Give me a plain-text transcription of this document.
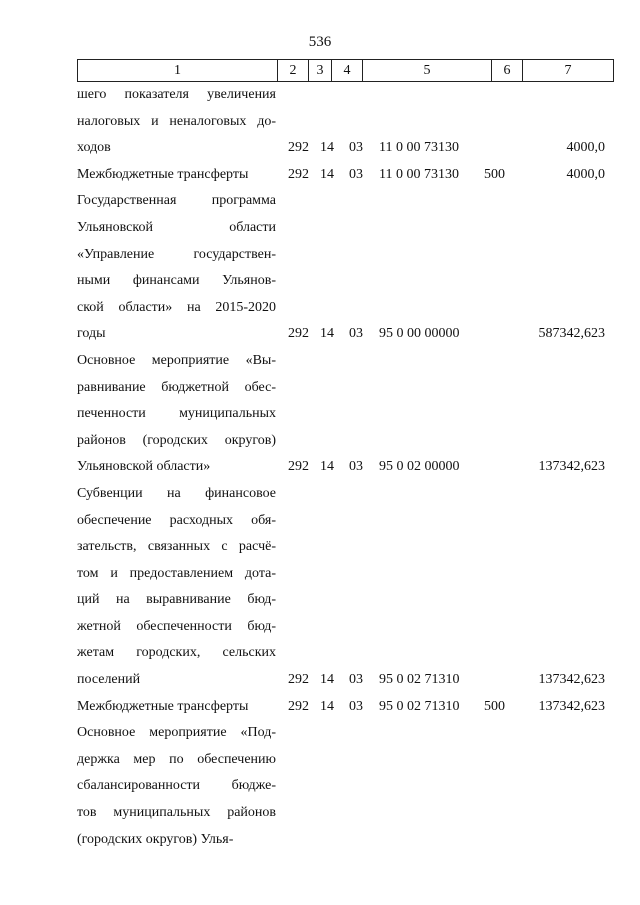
536
1	2	3	4	5	6	7
шего показателя увеличения
налоговых и неналоговых до-
ходов	292 14	03	11 0 00 73130	4000,0
Межбюджетные трансферты	292 14	03	11 0 00 73130	500	4000,0
Государственная программа
Ульяновской области
«Управление государствен-
ными финансами Ульянов-
ской области» на 2015-2020
годы	292 14	03	95 0 00 00000	587342,623
Основное мероприятие «Вы-
равнивание бюджетной обес-
печенности муниципальных
районов (городских округов)
Ульяновской области»	292 14	03	95 0 02 00000	137342,623
Субвенции на финансовое
обеспечение расходных обя-
зательств, связанных с расчё-
том и предоставлением дота-
ций на выравнивание бюд-
жетной обеспеченности бюд-
жетам городских, сельских
поселений	292 14	03	95 0 02 71310	137342,623
Межбюджетные трансферты	292 14	03	95 0 02 71310	500	137342,623
Основное мероприятие «Под-
держка мер по обеспечению
сбалансированности бюдже-
тов муниципальных районов
(городских округов) Улья-
